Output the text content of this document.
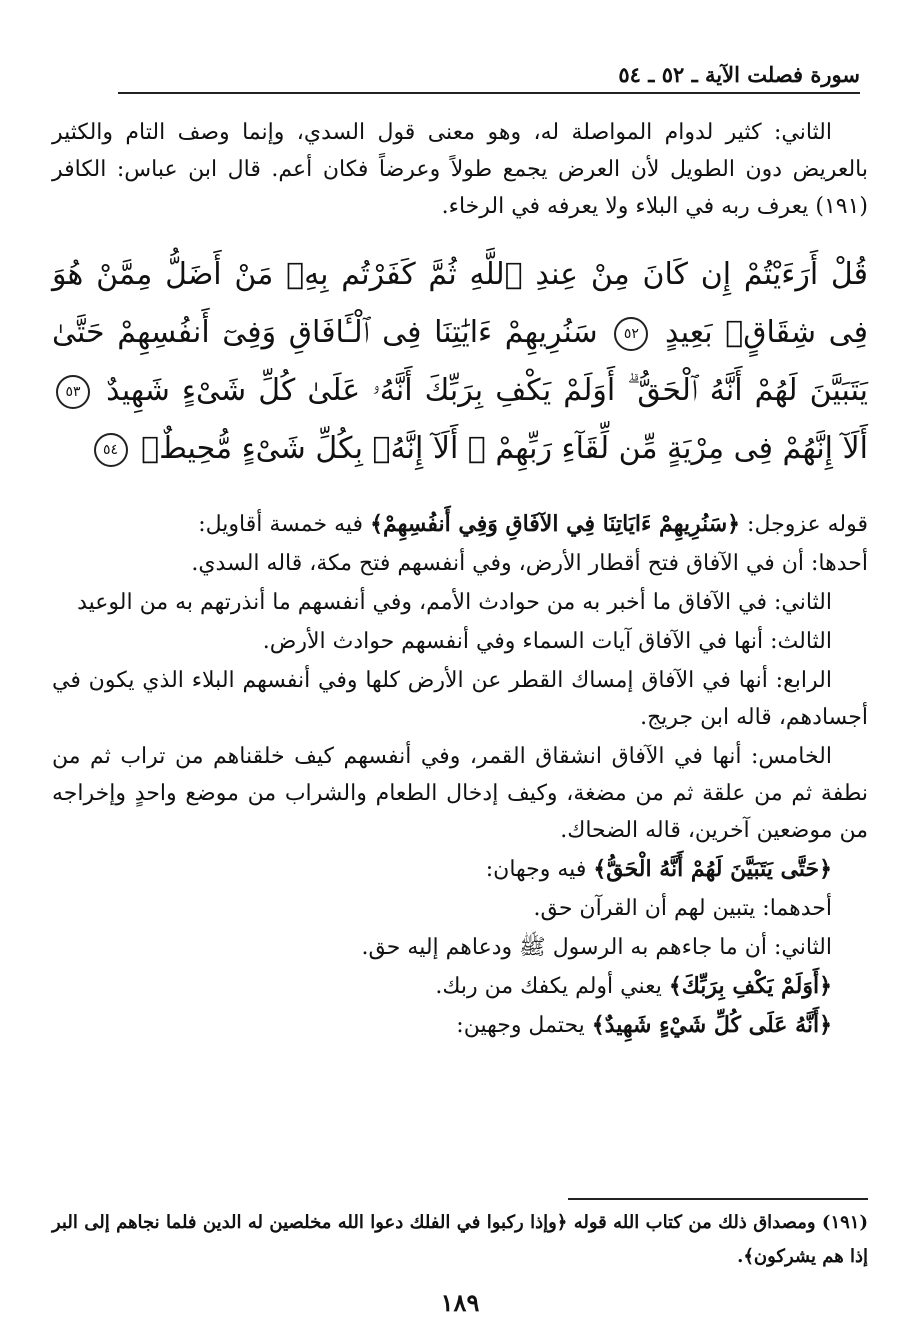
سورة فصلت الآية ـ ٥٢ ـ ٥٤

الثاني: كثير لدوام المواصلة له، وهو معنى قول السدي، وإنما وصف التام والكثير بالعريض دون الطويل لأن العرض يجمع طولاً وعرضاً فكان أعم. قال ابن عباس: الكافر (١٩١) يعرف ربه في البلاء ولا يعرفه في الرخاء.

قُلْ أَرَءَيْتُمْ إِن كَانَ مِنْ عِندِ ٱللَّهِ ثُمَّ كَفَرْتُم بِهِۦ مَنْ أَضَلُّ مِمَّنْ هُوَ فِى شِقَاقٍۭ بَعِيدٍ ٥٢ سَنُرِيهِمْ ءَايَٰتِنَا فِى ٱلْـَٔافَاقِ وَفِىٓ أَنفُسِهِمْ حَتَّىٰ يَتَبَيَّنَ لَهُمْ أَنَّهُ ٱلْحَقُّ ۗ أَوَلَمْ يَكْفِ بِرَبِّكَ أَنَّهُۥ عَلَىٰ كُلِّ شَىْءٍ شَهِيدٌ ٥٣ أَلَآ إِنَّهُمْ فِى مِرْيَةٍ مِّن لِّقَآءِ رَبِّهِمْ ۗ أَلَآ إِنَّهُۥ بِكُلِّ شَىْءٍ مُّحِيطٌۢ ٥٤

قوله عزوجل: ﴿سَنُرِيهِمْ ءَايَاتِنَا فِي الآفَاقِ وَفِي أَنفُسِهِمْ﴾ فيه خمسة أقاويل:

أحدها: أن في الآفاق فتح أقطار الأرض، وفي أنفسهم فتح مكة، قاله السدي.

الثاني: في الآفاق ما أخبر به من حوادث الأمم، وفي أنفسهم ما أنذرتهم به من الوعيد

الثالث: أنها في الآفاق آيات السماء وفي أنفسهم حوادث الأرض.

الرابع: أنها في الآفاق إمساك القطر عن الأرض كلها وفي أنفسهم البلاء الذي يكون في أجسادهم، قاله ابن جريج.

الخامس: أنها في الآفاق انشقاق القمر، وفي أنفسهم كيف خلقناهم من تراب ثم من نطفة ثم من علقة ثم من مضغة، وكيف إدخال الطعام والشراب من موضع واحدٍ وإخراجه من موضعين آخرين، قاله الضحاك.

﴿حَتَّى يَتَبَيَّنَ لَهُمْ أَنَّهُ الْحَقُّ﴾ فيه وجهان:

أحدهما: يتبين لهم أن القرآن حق.

الثاني: أن ما جاءهم به الرسول ﷺ ودعاهم إليه حق.

﴿أَوَلَمْ يَكْفِ بِرَبِّكَ﴾ يعني أولم يكفك من ربك.

﴿أَنَّهُ عَلَى كُلِّ شَيْءٍ شَهِيدٌ﴾ يحتمل وجهين:

(١٩١) ومصداق ذلك من كتاب الله قوله ﴿وإذا ركبوا في الفلك دعوا الله مخلصين له الدين فلما نجاهم إلى البر إذا هم يشركون﴾.
١٨٩
